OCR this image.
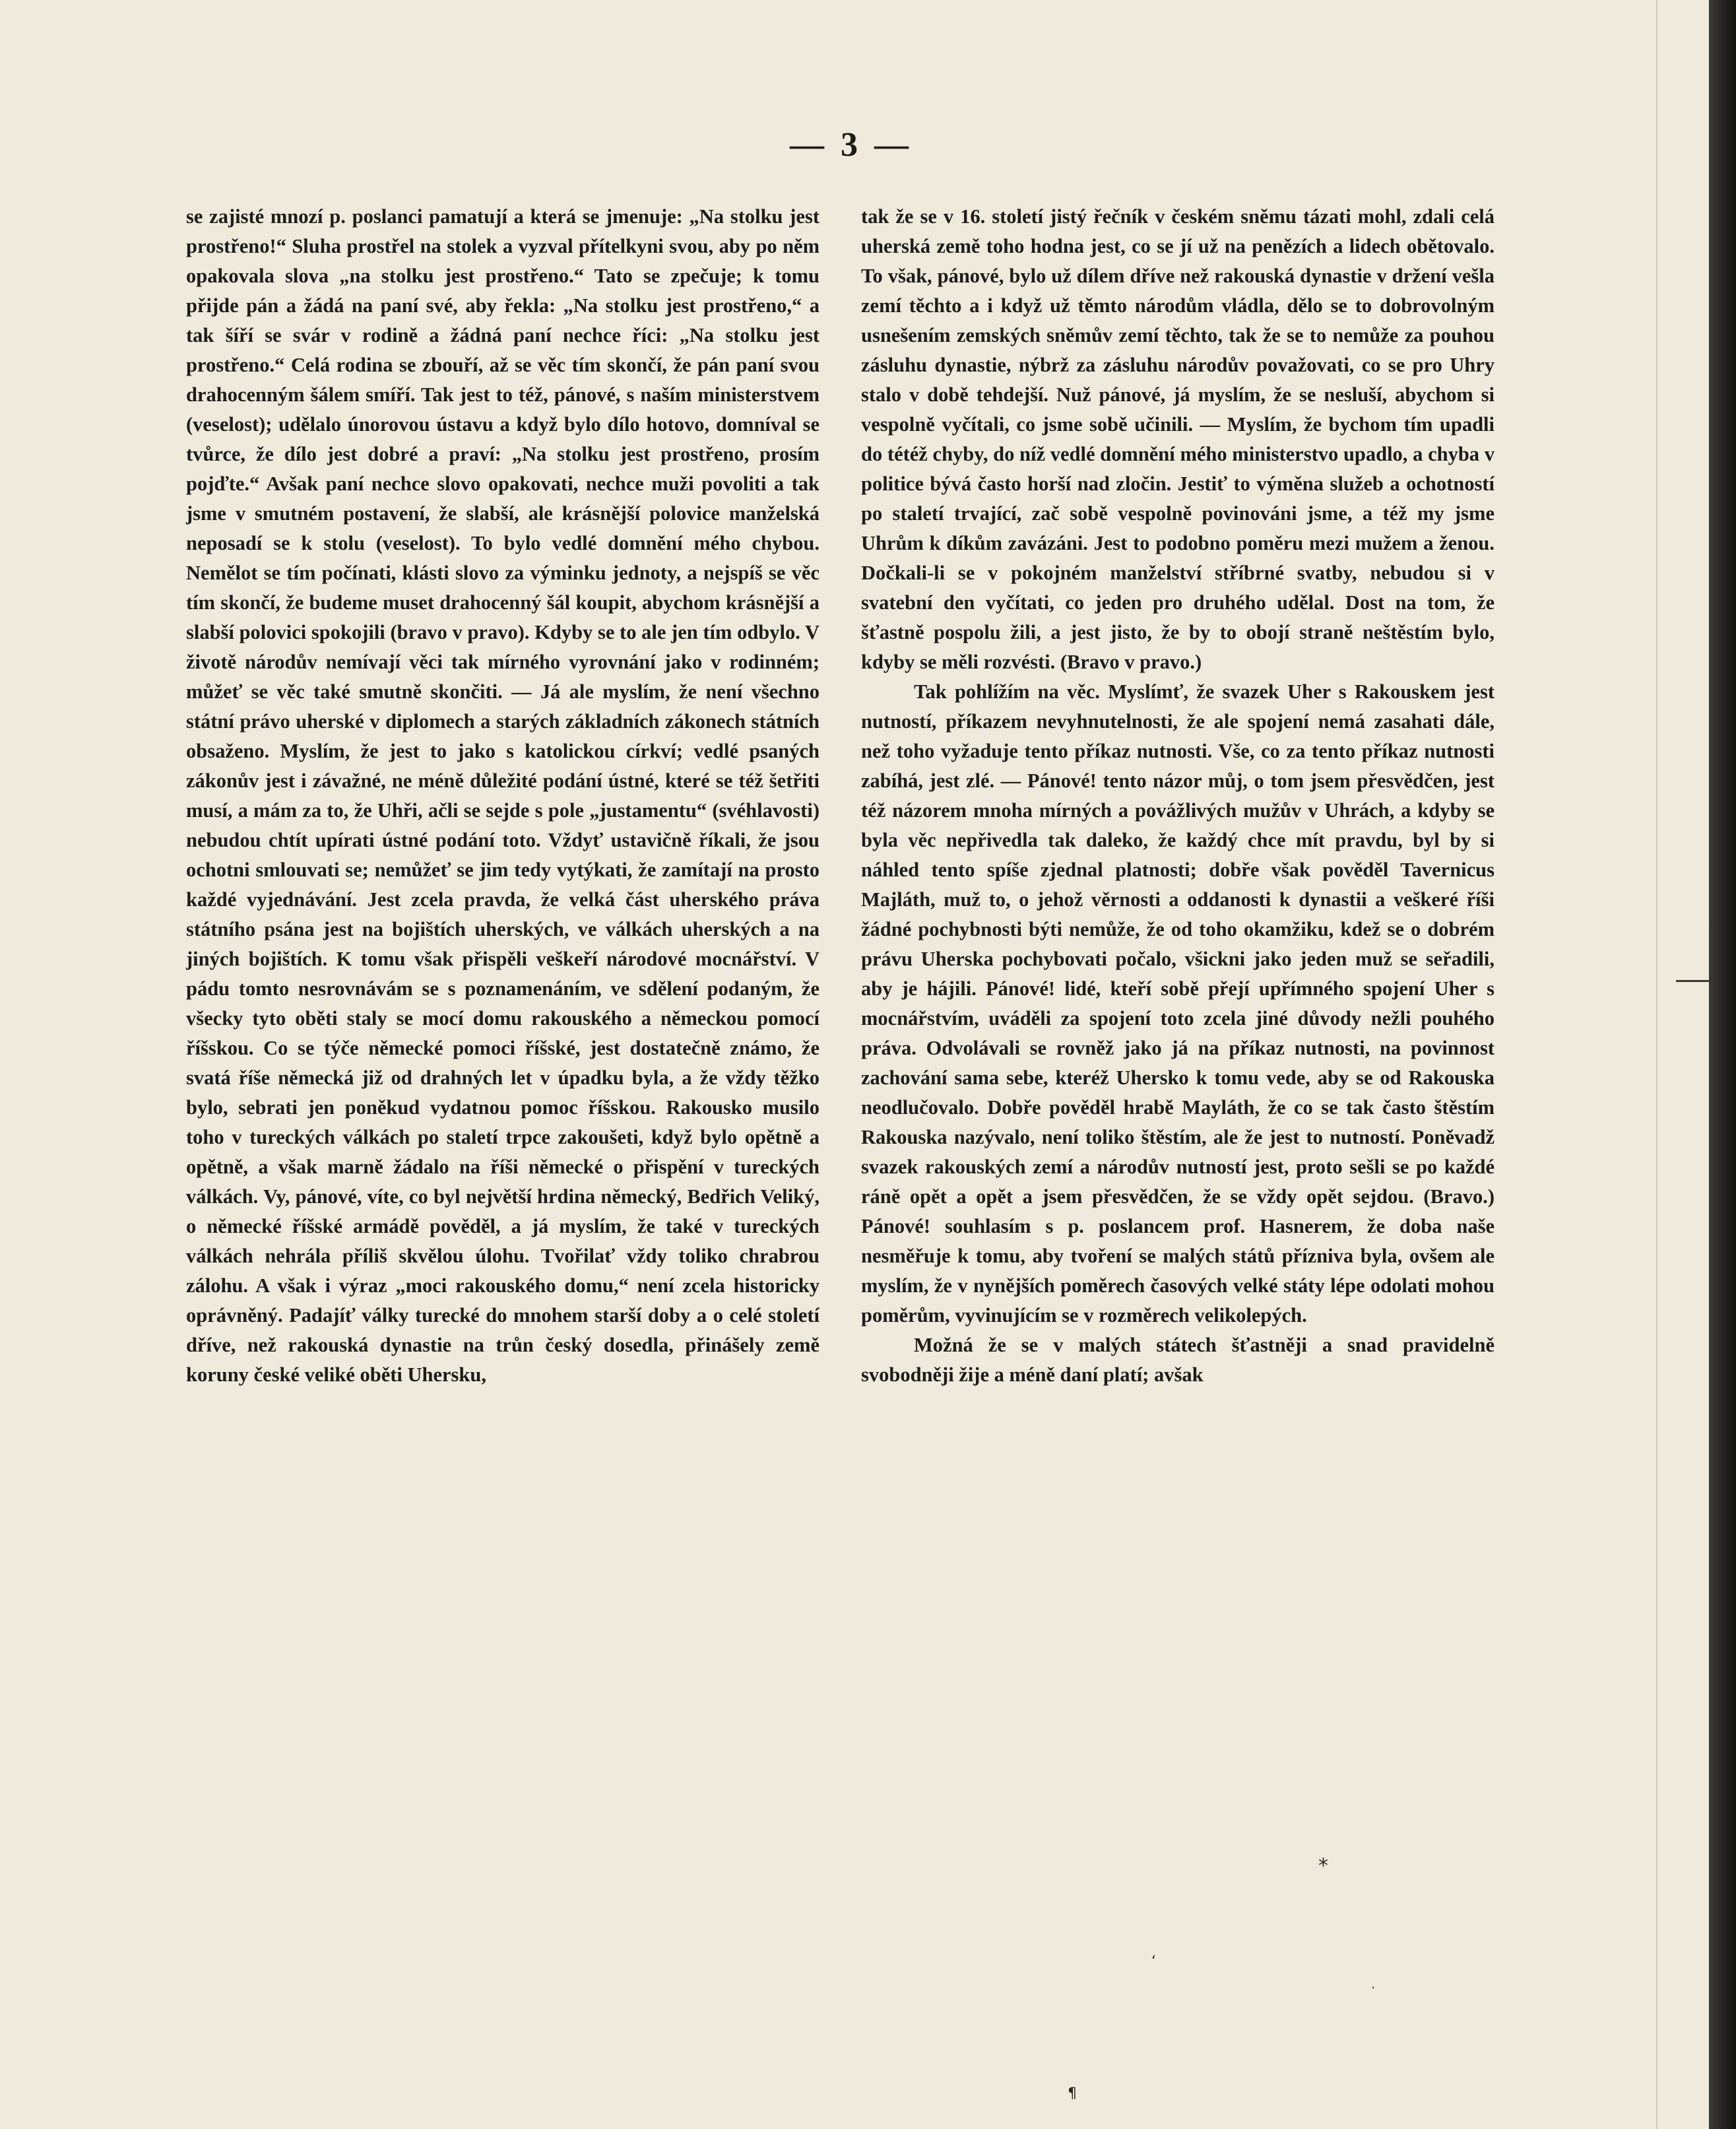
— 3 —

se zajisté mnozí p. poslanci pamatují a která se jmenuje: „Na stolku jest prostřeno!“ Sluha prostřel na stolek a vyzval přítelkyni svou, aby po něm opakovala slova „na stolku jest prostřeno.“ Tato se zpečuje; k tomu přijde pán a žádá na paní své, aby řekla: „Na stolku jest prostřeno,“ a tak šíří se svár v rodině a žádná paní nechce říci: „Na stolku jest prostřeno.“ Celá rodina se zbouří, až se věc tím skončí, že pán paní svou drahocenným šálem smíří. Tak jest to též, pánové, s naším ministerstvem (veselost); udělalo únorovou ústavu a když bylo dílo hotovo, domníval se tvůrce, že dílo jest dobré a praví: „Na stolku jest prostřeno, prosím pojďte.“ Avšak paní nechce slovo opakovati, nechce muži povoliti a tak jsme v smutném postavení, že slabší, ale krásnější polovice manželská neposadí se k stolu (veselost). To bylo vedlé domnění mého chybou. Nemělot se tím počínati, klásti slovo za výminku jednoty, a nejspíš se věc tím skončí, že budeme muset drahocenný šál koupit, abychom krásnější a slabší polovici spokojili (bravo v pravo). Kdyby se to ale jen tím odbylo. V životě národův nemívají věci tak mírného vyrovnání jako v rodinném; můžeť se věc také smutně skončiti. — Já ale myslím, že není všechno státní právo uherské v diplomech a starých základních zákonech státních obsaženo. Myslím, že jest to jako s katolickou církví; vedlé psaných zákonův jest i závažné, ne méně důležité podání ústné, které se též šetřiti musí, a mám za to, že Uhři, ačli se sejde s pole „justamentu“ (svéhlavosti) nebudou chtít upírati ústné podání toto. Vždyť ustavičně říkali, že jsou ochotni smlouvati se; nemůžeť se jim tedy vytýkati, že zamítají na prosto každé vyjednávání. Jest zcela pravda, že velká část uherského práva státního psána jest na bojištích uherských, ve válkách uherských a na jiných bojištích. K tomu však přispěli veškeří národové mocnářství. V pádu tomto nesrovnávám se s poznamenáním, ve sdělení podaným, že všecky tyto oběti staly se mocí domu rakouského a německou pomocí říšskou. Co se týče německé pomoci říšské, jest dostatečně známo, že svatá říše německá již od drahných let v úpadku byla, a že vždy těžko bylo, sebrati jen poněkud vydatnou pomoc říšskou. Rakousko musilo toho v tureckých válkách po staletí trpce zakoušeti, když bylo opětně a opětně, a však marně žádalo na říši německé o přispění v tureckých válkách. Vy, pánové, víte, co byl největší hrdina německý, Bedřich Veliký, o německé říšské armádě pověděl, a já myslím, že také v tureckých válkách nehrála příliš skvělou úlohu. Tvořilať vždy toliko chrabrou zálohu. A však i výraz „moci rakouského domu,“ není zcela historicky oprávněný. Padajíť války turecké do mnohem starší doby a o celé století dříve, než rakouská dynastie na trůn český dosedla, přinášely země koruny české veliké oběti Uhersku,

tak že se v 16. století jistý řečník v českém sněmu tázati mohl, zdali celá uherská země toho hodna jest, co se jí už na penězích a lidech obětovalo. To však, pánové, bylo už dílem dříve než rakouská dynastie v držení vešla zemí těchto a i když už těmto národům vládla, dělo se to dobrovolným usnešením zemských sněmův zemí těchto, tak že se to nemůže za pouhou zásluhu dynastie, nýbrž za zásluhu národův považovati, co se pro Uhry stalo v době tehdejší. Nuž pánové, já myslím, že se nesluší, abychom si vespolně vyčítali, co jsme sobě učinili. — Myslím, že bychom tím upadli do tétéž chyby, do níž vedlé domnění mého ministerstvo upadlo, a chyba v politice bývá často horší nad zločin. Jestiť to výměna služeb a ochotností po staletí trvající, zač sobě vespolně povinováni jsme, a též my jsme Uhrům k díkům zavázáni. Jest to podobno poměru mezi mužem a ženou. Dočkali-li se v pokojném manželství stříbrné svatby, nebudou si v svatební den vyčítati, co jeden pro druhého udělal. Dost na tom, že šťastně pospolu žili, a jest jisto, že by to obojí straně neštěstím bylo, kdyby se měli rozvésti. (Bravo v pravo.)

Tak pohlížím na věc. Myslímť, že svazek Uher s Rakouskem jest nutností, příkazem nevyhnutelnosti, že ale spojení nemá zasahati dále, než toho vyžaduje tento příkaz nutnosti. Vše, co za tento příkaz nutnosti zabíhá, jest zlé. — Pánové! tento názor můj, o tom jsem přesvědčen, jest též názorem mnoha mírných a povážlivých mužův v Uhrách, a kdyby se byla věc nepřivedla tak daleko, že každý chce mít pravdu, byl by si náhled tento spíše zjednal platnosti; dobře však pověděl Tavernicus Majláth, muž to, o jehož věrnosti a oddanosti k dynastii a veškeré říši žádné pochybnosti býti nemůže, že od toho okamžiku, kdež se o dobrém právu Uherska pochybovati počalo, všickni jako jeden muž se seřadili, aby je hájili. Pánové! lidé, kteří sobě přejí upřímného spojení Uher s mocnářstvím, uváděli za spojení toto zcela jiné důvody nežli pouhého práva. Odvolávali se rovněž jako já na příkaz nutnosti, na povinnost zachování sama sebe, kteréž Uhersko k tomu vede, aby se od Rakouska neodlučovalo. Dobře pověděl hrabě Mayláth, že co se tak často štěstím Rakouska nazývalo, není toliko štěstím, ale že jest to nutností. Poněvadž svazek rakouských zemí a národův nutností jest, proto sešli se po každé ráně opět a opět a jsem přesvědčen, že se vždy opět sejdou. (Bravo.) Pánové! souhlasím s p. poslancem prof. Hasnerem, že doba naše nesměřuje k tomu, aby tvoření se malých států příznivа byla, ovšem ale myslím, že v nynějších poměrech časových velké státy lépe odolati mohou poměrům, vyvinujícím se v rozměrech velikolepých.

Možná že se v malých státech šťastněji a snad pravidelně svobodněji žije a méně daní platí; avšak

*
‘
·
¶
